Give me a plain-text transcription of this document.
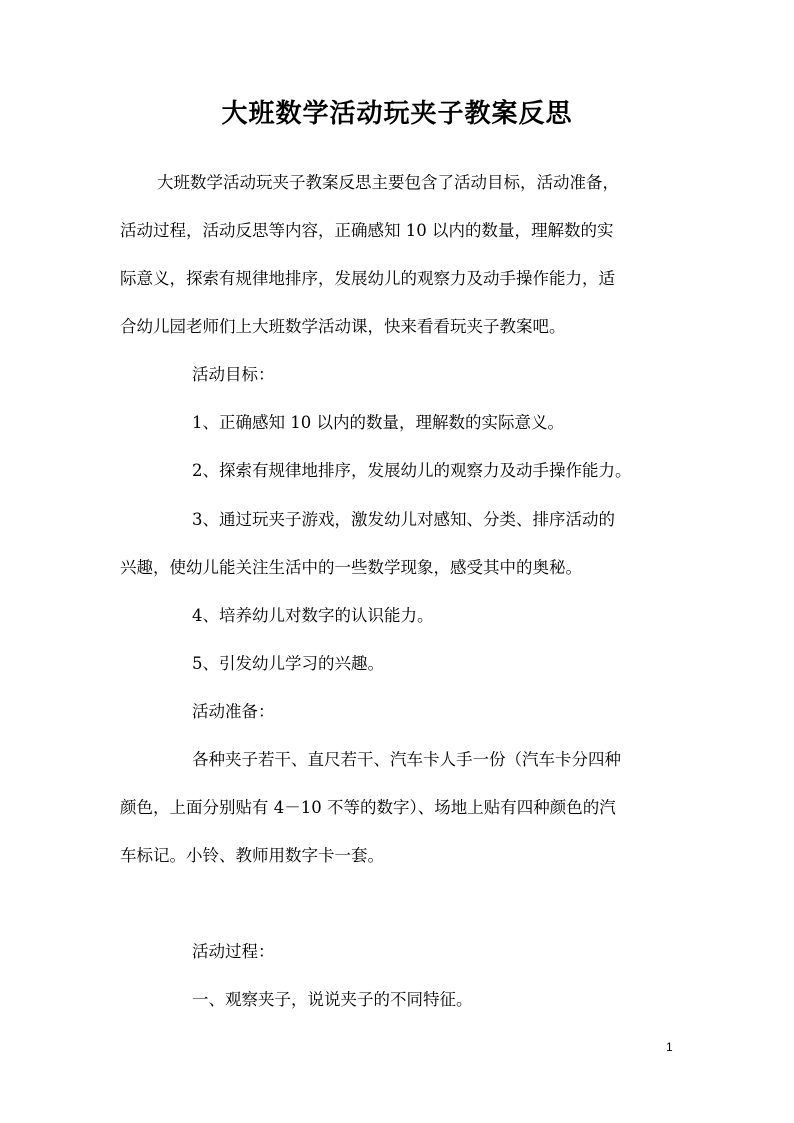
大班数学活动玩夹子教案反思

大班数学活动玩夹子教案反思主要包含了活动目标，活动准备，

活动过程，活动反思等内容，正确感知 10 以内的数量，理解数的实

际意义，探索有规律地排序，发展幼儿的观察力及动手操作能力，适

合幼儿园老师们上大班数学活动课，快来看看玩夹子教案吧。

活动目标：

1、正确感知 10 以内的数量，理解数的实际意义。

2、探索有规律地排序，发展幼儿的观察力及动手操作能力。

3、通过玩夹子游戏，激发幼儿对感知、分类、排序活动的

兴趣，使幼儿能关注生活中的一些数学现象，感受其中的奥秘。

4、培养幼儿对数字的认识能力。

5、引发幼儿学习的兴趣。

活动准备：

各种夹子若干、直尺若干、汽车卡人手一份（汽车卡分四种

颜色，上面分别贴有 4－10 不等的数字）、场地上贴有四种颜色的汽

车标记。小铃、教师用数字卡一套。

活动过程：

一、观察夹子，说说夹子的不同特征。

1
